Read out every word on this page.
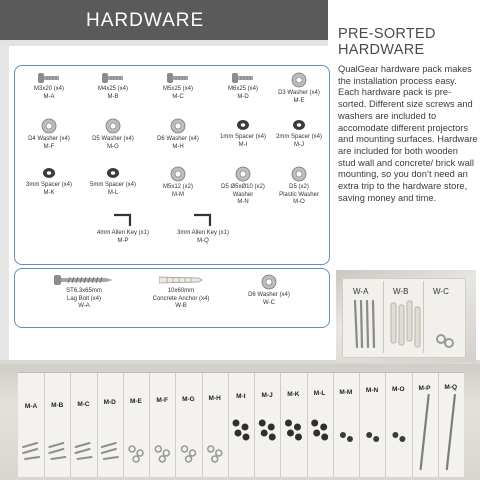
HARDWARE
M3x20 (x4)
M-A
M4x25 (x4)
M-B
M5x25 (x4)
M-C
M6x25 (x4)
M-D
D3 Washer (x4)
M-E
D4 Washer (x4)
M-F
D5 Washer (x4)
M-G
D6 Washer (x4)
M-H
1mm Spacer (x4)
M-I
2mm Spacer (x4)
M-J
3mm Spacer (x4)
M-K
5mm Spacer (x4)
M-L
M5x12 (x2)
M-M
D5 Ø5xØ10 (x2)
Washer
M-N
D5 (x2)
Plastic Washer
M-O
4mm Allen Key (x1)
M-P
3mm Allen Key (x1)
M-Q
ST6.3x65mm
Lag Bolt (x4)
W-A
10x60mm
Concrete Anchor (x4)
W-B
D6 Washer (x4)
W-C
PRE-SORTED
HARDWARE
QualGear hardware pack makes the installation process easy. Each hardware pack is pre-sorted. Different size screws and washers are included to accomodate different projectors and mounting surfaces. Hardware are included for both wooden stud wall and concrete/ brick wall mounting, so you don’t need an extra trip to the hardware store, saving money and time.
W-A	W-B	W-C
M-A	M-B	M-C	M-D	M-E	M-F	M-G	M-H	M-I	M-J	M-K	M-L	M-M	M-N	M-O	M-P	M-Q
